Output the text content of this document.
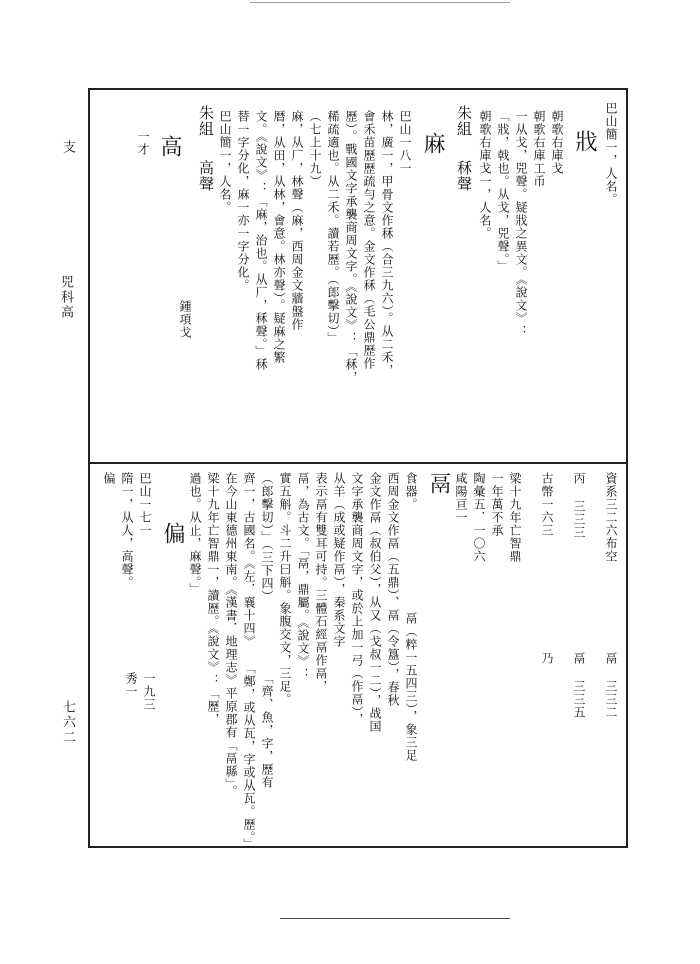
支
兕科高
七六二
巴山簡一，人名。
戕
朝歌右庫戈
朝歌右庫工币
一从戈，兕聲。疑戕之異文。《說文》：
「戕，戟也。从戈，兕聲。」
朝歌右庫戈一，人名。
朱組
秝聲
麻
巴山一八一
林，廣一，甲骨文作秝（合三九六）。从二禾，
會禾苗歷歷疏勻之意。金文作秝（毛公鼎歷作
歷）。戰國文字承襲商周文字。《說文》：「秝，
稀疏適也。从二禾。讀若歷。（郎擊切）」
（七上十九）
麻，从厂，林聲（麻，西周金文牆盤作
暦，从田，从林，會意。林亦聲）。疑麻之繁
文。《說文》：「麻，治也。从厂，秝聲。」秝
替一字分化，麻一亦一字分化。
巴山簡一，人名。
朱組
高聲
高
一才
鍾項戈
資系三二六布空
鬲 三三二
丙 三三三
鬲 三三五
古幣一六三
乃
梁十九年亡智鼎
一年萬不承
陶彙五．一〇六
咸陽亘一
鬲
食器。
鬲（粹一五四三），象三足
西周金文作鬲（五鼎）、鬲（令簋），春秋
金文作鬲（叔伯父），从又（戈叔一二），战国
文字承襲商周文字，或於上加一弓（作鬲），
从羊（成或疑作鬲），秦系文字
表示鬲有雙耳可持。三體石經鬲作鬲，
鬲，為古文。「鬲，鼎屬。《說文》：
實五斛。斗二升曰斛。象腹交文，三足。
（郎擊切）」（三下四）
齊一，古國名。《左．襄十四》
「鄭，或从瓦，字或从瓦。歷。」
在今山東德州東南。《漢書．地理志》平原郡有「鬲縣」。
梁十九年亡智鼎一，讀歷。《說文》：「歷，
過也。从止，麻聲。」
偏
巴山一七一
隋一，从人，高聲。
偏
一九三
秀一	「齊、魚，字，歷有
